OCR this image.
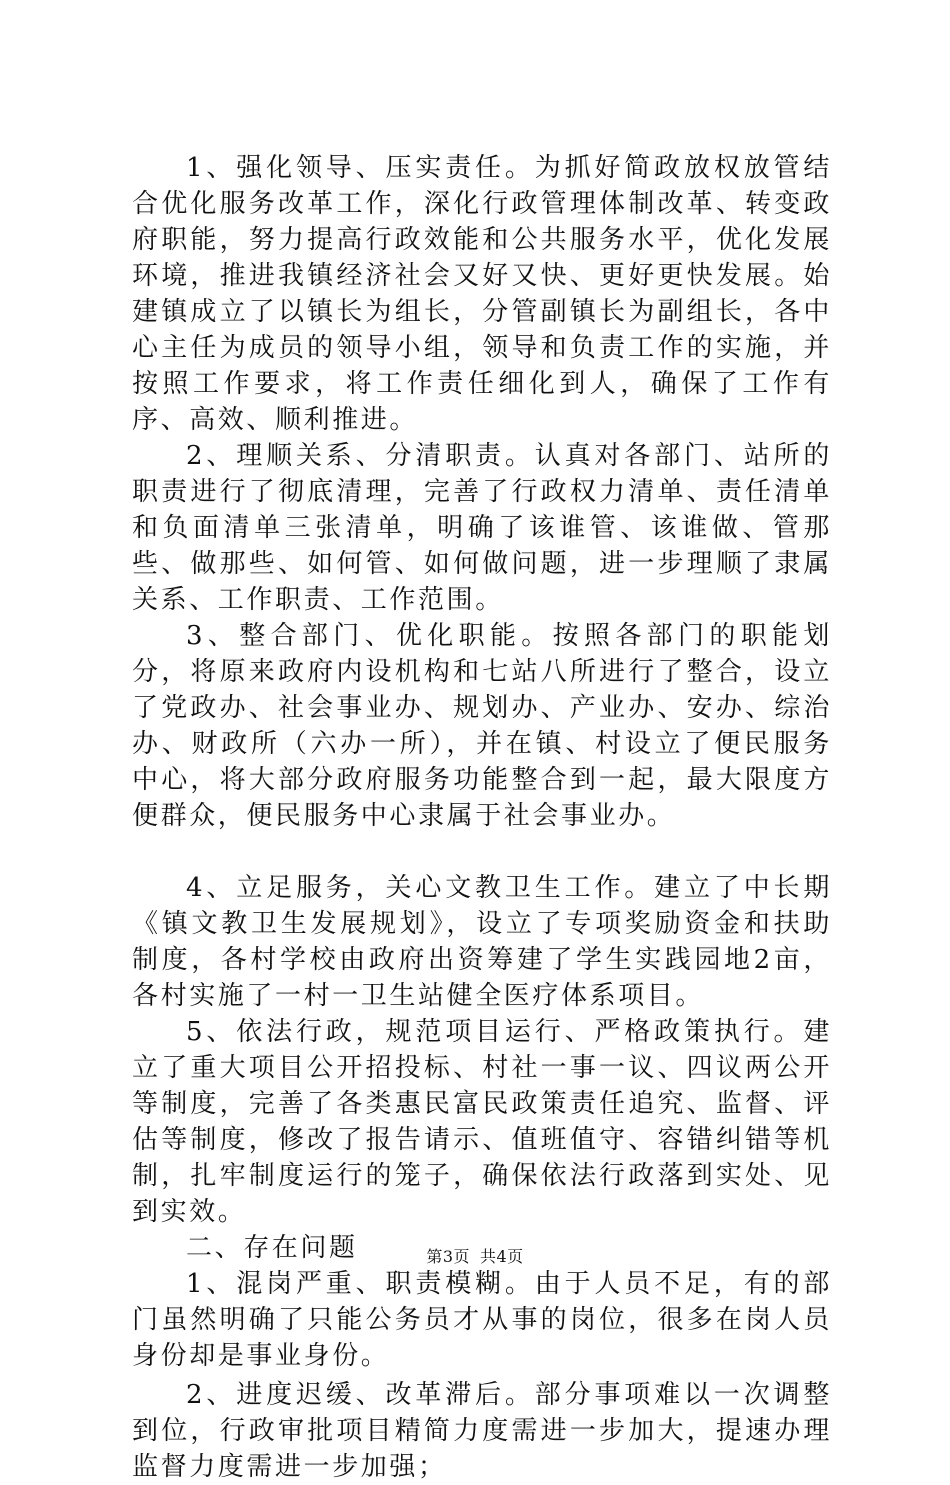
1、强化领导、压实责任。为抓好简政放权放管结合优化服务改革工作，深化行政管理体制改革、转变政府职能，努力提高行政效能和公共服务水平，优化发展环境，推进我镇经济社会又好又快、更好更快发展。始建镇成立了以镇长为组长，分管副镇长为副组长，各中心主任为成员的领导小组，领导和负责工作的实施，并按照工作要求，将工作责任细化到人，确保了工作有序、高效、顺利推进。

2、理顺关系、分清职责。认真对各部门、站所的职责进行了彻底清理，完善了行政权力清单、责任清单和负面清单三张清单，明确了该谁管、该谁做、管那些、做那些、如何管、如何做问题，进一步理顺了隶属关系、工作职责、工作范围。

3、整合部门、优化职能。按照各部门的职能划分，将原来政府内设机构和七站八所进行了整合，设立了党政办、社会事业办、规划办、产业办、安办、综治办、财政所（六办一所），并在镇、村设立了便民服务中心，将大部分政府服务功能整合到一起，最大限度方便群众，便民服务中心隶属于社会事业办。

4、立足服务，关心文教卫生工作。建立了中长期《镇文教卫生发展规划》，设立了专项奖励资金和扶助制度，各村学校由政府出资筹建了学生实践园地2亩，各村实施了一村一卫生站健全医疗体系项目。

5、依法行政，规范项目运行、严格政策执行。建立了重大项目公开招投标、村社一事一议、四议两公开等制度，完善了各类惠民富民政策责任追究、监督、评估等制度，修改了报告请示、值班值守、容错纠错等机制，扎牢制度运行的笼子，确保依法行政落到实处、见到实效。

二、存在问题

1、混岗严重、职责模糊。由于人员不足，有的部门虽然明确了只能公务员才从事的岗位，很多在岗人员身份却是事业身份。

2、进度迟缓、改革滞后。部分事项难以一次调整到位，行政审批项目精简力度需进一步加大，提速办理监督力度需进一步加强；

第3页 共4页
